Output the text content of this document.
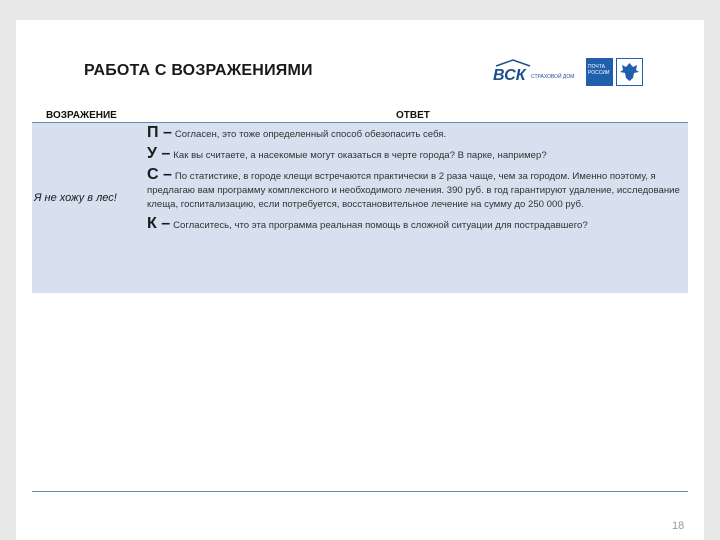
РАБОТА С ВОЗРАЖЕНИЯМИ	ВСК СТРАХОВОЙ ДОМ
ПОЧТА
РОССИИ
ВОЗРАЖЕНИЕ	ОТВЕТ
Я не хожу в лес!
П – Согласен, это тоже определенный способ обезопасить себя.
У – Как вы считаете, а насекомые могут оказаться в черте города? В парке, например?
С – По статистике, в городе клещи встречаются практически в 2 раза чаще, чем за городом. Именно поэтому, я предлагаю вам программу комплексного и необходимого лечения. 390 руб. в год гарантируют удаление, исследование клеща, госпитализацию, если потребуется, восстановительное лечение на сумму до 250 000 руб.
К – Согласитесь, что эта программа реальная помощь в сложной ситуации для пострадавшего?
18
